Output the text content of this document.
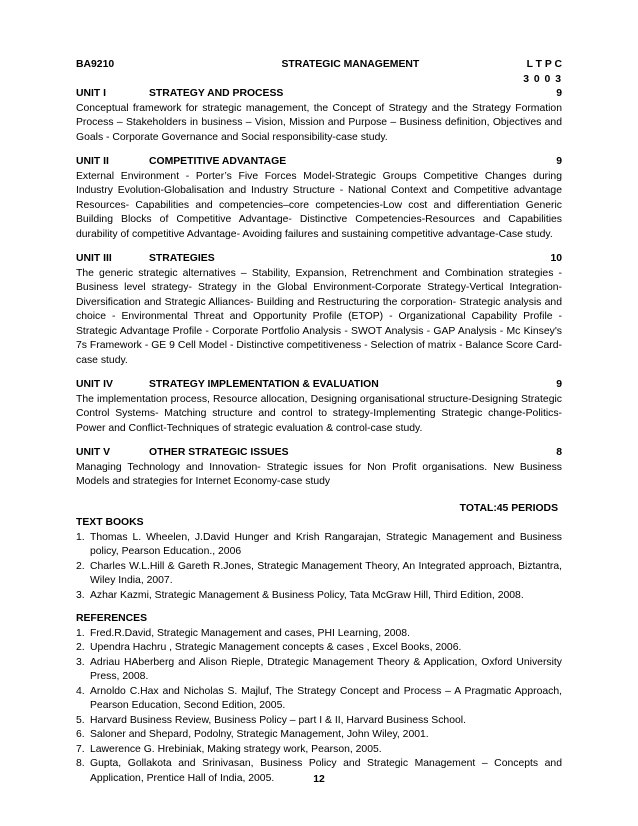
BA9210	STRATEGIC MANAGEMENT	L T P C
3 0 0 3
UNIT I	STRATEGY AND PROCESS	9

Conceptual framework for strategic management, the Concept of Strategy and the Strategy Formation Process – Stakeholders in business – Vision, Mission and Purpose – Business definition, Objectives and Goals - Corporate Governance and Social responsibility-case study.

UNIT II	COMPETITIVE ADVANTAGE	9

External Environment - Porter’s Five Forces Model-Strategic Groups Competitive Changes during Industry Evolution-Globalisation and Industry Structure - National Context and Competitive advantage Resources- Capabilities and competencies–core competencies-Low cost and differentiation Generic Building Blocks of Competitive Advantage- Distinctive Competencies-Resources and Capabilities durability of competitive Advantage- Avoiding failures and sustaining competitive advantage-Case study.

UNIT III	STRATEGIES	10

The generic strategic alternatives – Stability, Expansion, Retrenchment and Combination strategies - Business level strategy- Strategy in the Global Environment-Corporate Strategy-Vertical Integration-Diversification and Strategic Alliances- Building and Restructuring the corporation- Strategic analysis and choice - Environmental Threat and Opportunity Profile (ETOP) - Organizational Capability Profile - Strategic Advantage Profile - Corporate Portfolio Analysis - SWOT Analysis - GAP Analysis - Mc Kinsey's 7s Framework - GE 9 Cell Model - Distinctive competitiveness - Selection of matrix - Balance Score Card-case study.

UNIT IV	STRATEGY IMPLEMENTATION & EVALUATION	9

The implementation process, Resource allocation, Designing organisational structure-Designing Strategic Control Systems- Matching structure and control to strategy-Implementing Strategic change-Politics-Power and Conflict-Techniques of strategic evaluation & control-case study.

UNIT V	OTHER STRATEGIC ISSUES	8

Managing Technology and Innovation- Strategic issues for Non Profit organisations. New Business Models and strategies for Internet Economy-case study

TOTAL:45 PERIODS
TEXT BOOKS
1. Thomas L. Wheelen, J.David Hunger and Krish Rangarajan, Strategic Management and Business policy, Pearson Education., 2006
2. Charles W.L.Hill & Gareth R.Jones, Strategic Management Theory, An Integrated approach, Biztantra, Wiley India, 2007.
3. Azhar Kazmi, Strategic Management & Business Policy, Tata McGraw Hill, Third Edition, 2008.
REFERENCES
1. Fred.R.David, Strategic Management and cases, PHI Learning, 2008.
2. Upendra Hachru , Strategic Management concepts & cases , Excel Books, 2006.
3. Adriau HAberberg and Alison Rieple, Dtrategic Management Theory & Application, Oxford University Press, 2008.
4. Arnoldo C.Hax and Nicholas S. Majluf, The Strategy Concept and Process – A Pragmatic Approach, Pearson Education, Second Edition, 2005.
5. Harvard Business Review, Business Policy – part I & II, Harvard Business School.
6. Saloner and Shepard, Podolny, Strategic Management, John Wiley, 2001.
7. Lawerence G. Hrebiniak, Making strategy work, Pearson, 2005.
8. Gupta, Gollakota and Srinivasan, Business Policy and Strategic Management – Concepts and Application, Prentice Hall of India, 2005.	12
